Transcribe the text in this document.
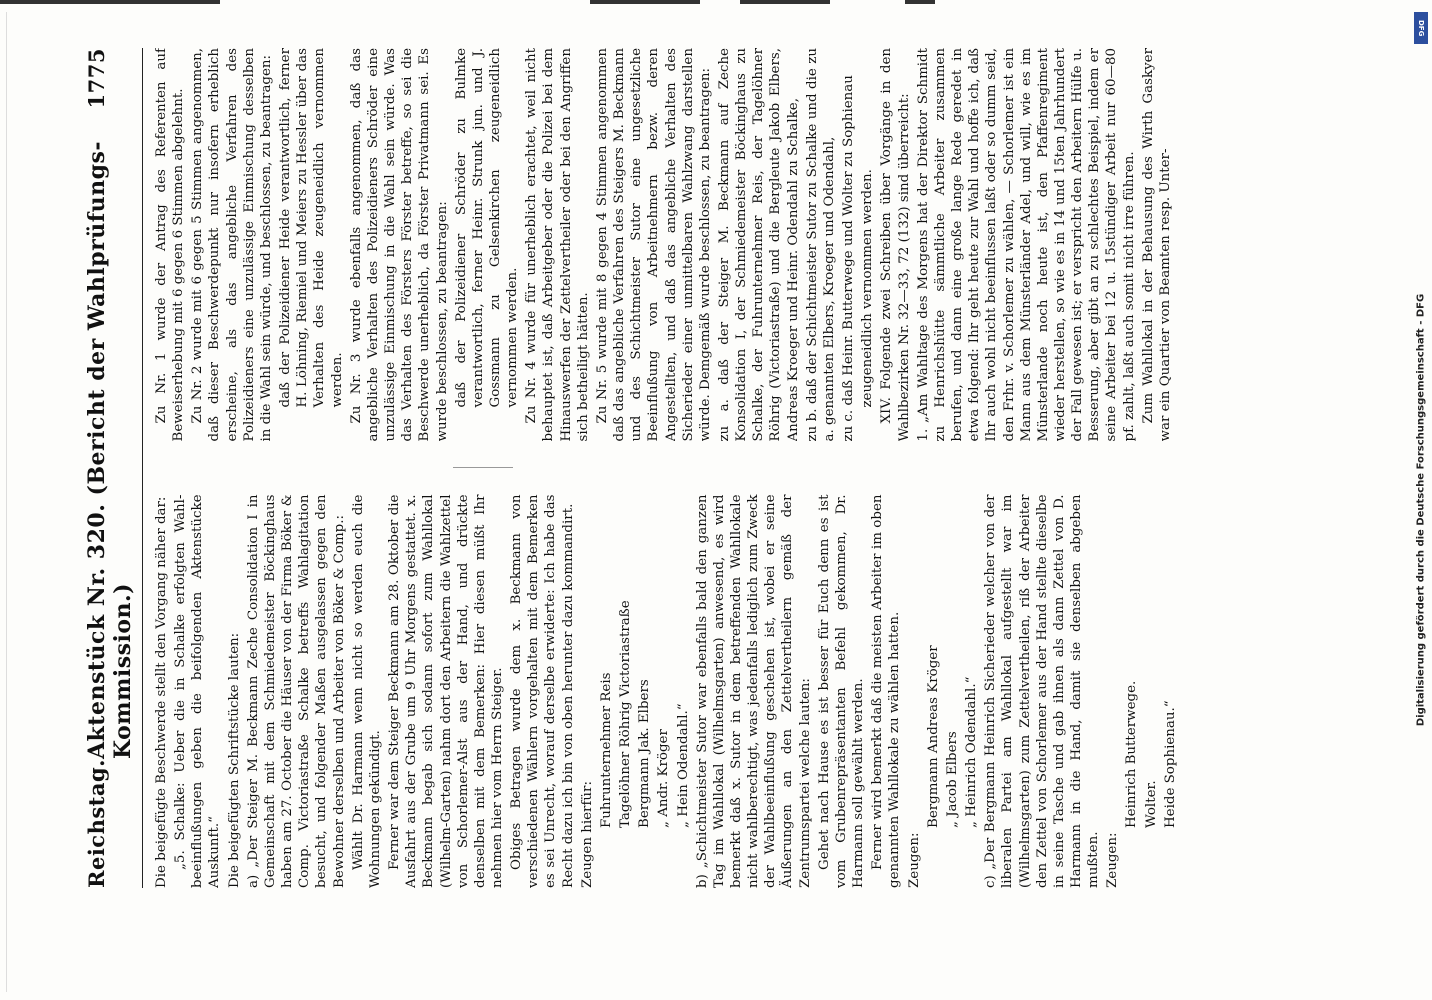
Reichstag.
Aktenstück Nr. 320. (Bericht der Wahlprüfungs-Kommission.)
1775

Die beigefügte Beschwerde stellt den Vorgang näher dar: „5. Schalke: Ueber die in Schalke erfolgten Wahl-beeinflußungen geben die beifolgenden Aktenstücke Auskunft.“ Die beigefügten Schriftstücke lauten: a) „Der Steiger M. Beckmann Zeche Consolidation I in Gemeinschaft mit dem Schmiedemeister Böckinghaus haben am 27. October die Häuser von der Firma Böker & Comp. Victoriastraße Schalke betreffs Wahlagitation besucht, und folgender Maßen ausgelassen gegen den Bewohner derselben und Arbeiter von Böker & Comp.: Wählt Dr. Harmann wenn nicht so werden euch die Wohnungen gekündigt. Ferner war dem Steiger Beckmann am 28. Oktober die Ausfahrt aus der Grube um 9 Uhr Morgens gestattet. x. Beckmann begab sich sodann sofort zum Wahllokal (Wilhelm-Garten) nahm dort den Arbeitern die Wahlzettel von Schorlemer-Alst aus der Hand, und drückte denselben mit dem Bemerken: Hier diesen müßt Ihr nehmen hier vom Herrn Steiger. Obiges Betragen wurde dem x. Beckmann von verschiedenen Wählern vorgehalten mit dem Bemerken es sei Unrecht, worauf derselbe erwiderte: Ich habe das Recht dazu ich bin von oben herunter dazu kommandirt. Zeugen hierfür:

Fuhrunternehmer Reis Tagelöhner Röhrig Victoriastraße Bergmann Jak. Elbers „ Andr. Kröger „ Hein Odendahl.“ b) „Schichtmeister Sutor war ebenfalls bald den ganzen Tag im Wahllokal (Wilhelmsgarten) anwesend, es wird bemerkt daß x. Sutor in dem betreffenden Wahllokale nicht wahlberechtigt, was jedenfalls lediglich zum Zweck der Wahlbeeinflußung geschehen ist, wobei er seine Äußerungen an den Zettelvertheilern gemäß der Zentrumspartei welche lauten: Gehet nach Hause es ist besser für Euch denn es ist vom Grubenrepräsentanten Befehl gekommen, Dr. Harmann soll gewählt werden. Ferner wird bemerkt daß die meisten Arbeiter im oben genannten Wahllokale zu wählen hatten. Zeugen:

Bergmann Andreas Kröger „ Jacob Elbers „ Heinrich Odendahl.“ c) „Der Bergmann Heinrich Sicherieder welcher von der liberalen Partei am Wahllokal aufgestellt war im (Wilhelmsgarten) zum Zettelvertheilen, riß der Arbeiter den Zettel von Schorlemer aus der Hand stellte dieselbe in seine Tasche und gab ihnen als dann Zettel von D. Harmann in die Hand, damit sie denselben abgeben mußten. Zeugen:

Heinrich Butterwege. Wolter. Heide Sophienau.“

Zu Nr. 1 wurde der Antrag des Referenten auf Beweiserhebung mit 6 gegen 6 Stimmen abgelehnt. Zu Nr. 2 wurde mit 6 gegen 5 Stimmen angenommen, daß dieser Beschwerdepunkt nur insofern erheblich erscheine, als das angebliche Verfahren des Polizeidieners eine unzulässige Einmischung desselben in die Wahl sein würde, und beschlossen, zu beantragen: daß der Polizeidiener Heide verantwortlich, ferner H. Löhning, Riemiel und Meiers zu Hessler über das Verhalten des Heide zeugeneidlich vernommen werden. Zu Nr. 3 wurde ebenfalls angenommen, daß das angebliche Verhalten des Polizeidieners Schröder eine unzulässige Einmischung in die Wahl sein würde. Was das Verhalten des Försters Förster betreffe, so sei die Beschwerde unerheblich, da Förster Privatmann sei. Es wurde beschlossen, zu beantragen: daß der Polizeidiener Schröder zu Bulmke verantwortlich, ferner Heinr. Strunk jun. und J. Gossmann zu Gelsenkirchen zeugeneidlich vernommen werden. Zu Nr. 4 wurde für unerheblich erachtet, weil nicht behauptet ist, daß Arbeitgeber oder die Polizei bei dem Hinauswerfen der Zettelvertheiler oder bei den Angriffen sich betheiligt hätten. Zu Nr. 5 wurde mit 8 gegen 4 Stimmen angenommen daß das angebliche Verfahren des Steigers M. Beckmann und des Schichtmeister Sutor eine ungesetzliche Beeinflußung von Arbeitnehmern bezw. deren Angestellten, und daß das angebliche Verhalten des Sicherieder einer unmittelbaren Wahlzwang darstellen würde. Demgemäß wurde beschlossen, zu beantragen: zu a. daß der Steiger M. Beckmann auf Zeche Konsolidation I, der Schmiedemeister Böckinghaus zu Schalke, der Fuhrunternehmer Reis, der Tagelöhner Röhrig (Victoriastraße) und die Bergleute Jakob Elbers, Andreas Kroeger und Heinr. Odendahl zu Schalke, zu b. daß der Schichtmeister Sutor zu Schalke und die zu a. genannten Elbers, Kroeger und Odendahl, zu c. daß Heinr. Butterwege und Wolter zu Sophienau zeugeneidlich vernommen werden. XIV. Folgende zwei Schreiben über Vorgänge in den Wahlbezirken Nr. 32—33, 72 (132) sind überreicht: 1. „Am Wahltage des Morgens hat der Direktor Schmidt zu Henrichshütte sämmtliche Arbeiter zusammen berufen, und dann eine große lange Rede geredet in etwa folgend: Ihr geht heute zur Wahl und hoffe ich, daß Ihr auch wohl nicht beeinflussen laßt oder so dumm seid, den Frhr. v. Schorlemer zu wählen, — Schorlemer ist ein Mann aus dem Münsterländer Adel, und will, wie es im Münsterlande noch heute ist, den Pfaffenregiment wieder herstellen, so wie es in 14 und 15ten Jahrhundert der Fall gewesen ist; er verspricht den Arbeitern Hülfe u. Besserung, aber gibt an zu schlechtes Beispiel, indem er seine Arbeiter bei 12 u. 15stündiger Arbeit nur 60—80 pf. zahlt, laßt auch somit nicht irre führen. Zum Wahllokal in der Behausung des Wirth Gaskyer war ein Quartier von Beamten resp. Unter-

DFG
Digitalisierung gefördert durch die Deutsche Forschungsgemeinschaft - DFG
